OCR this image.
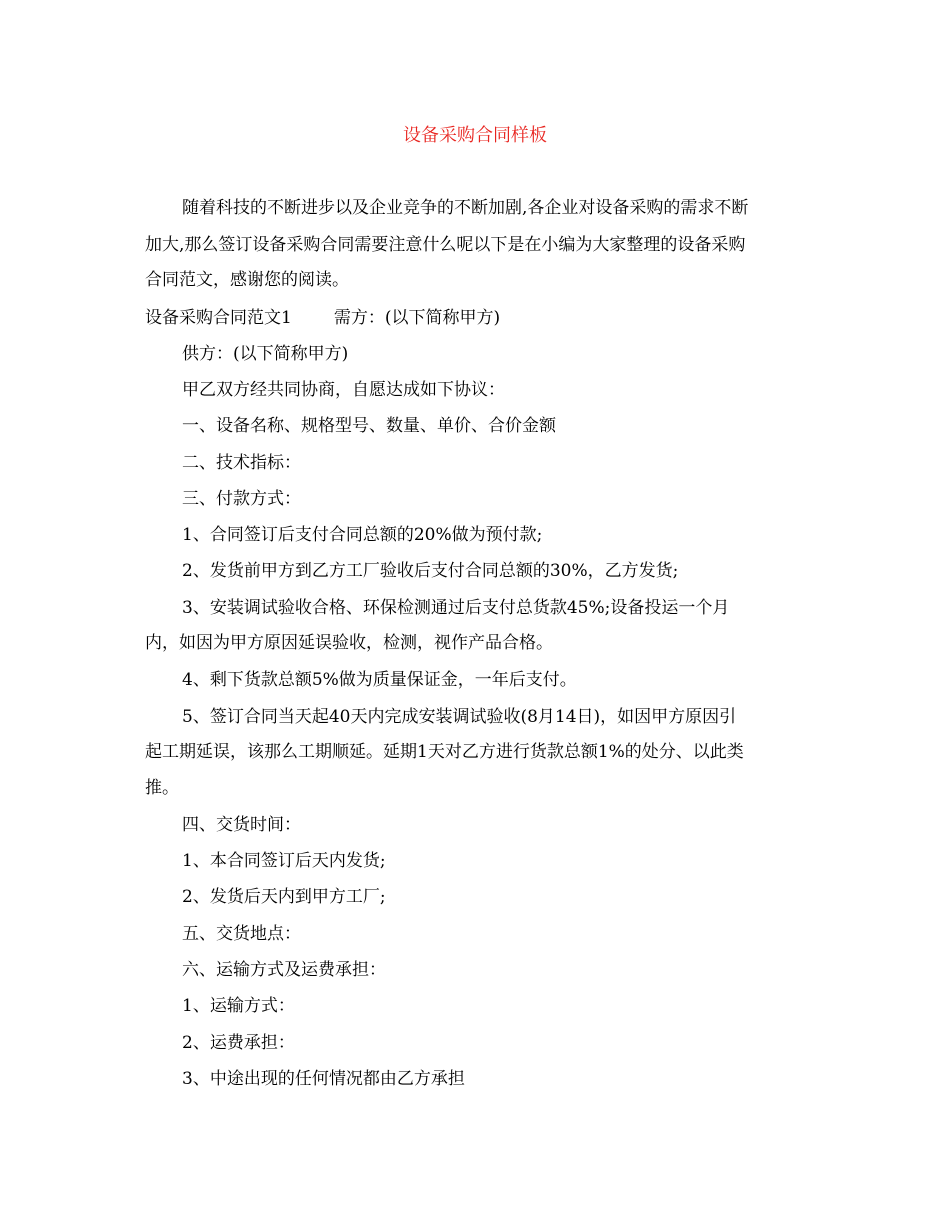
设备采购合同样板
随着科技的不断进步以及企业竞争的不断加剧,各企业对设备采购的需求不断
加大,那么签订设备采购合同需要注意什么呢以下是在小编为大家整理的设备采购
合同范文，感谢您的阅读。
设备采购合同范文1 需方：(以下简称甲方)
供方：(以下简称甲方)
甲乙双方经共同协商，自愿达成如下协议：
一、设备名称、规格型号、数量、单价、合价金额
二、技术指标：
三、付款方式：
1、合同签订后支付合同总额的20%做为预付款;
2、发货前甲方到乙方工厂验收后支付合同总额的30%，乙方发货;
3、安装调试验收合格、环保检测通过后支付总货款45%;设备投运一个月
内，如因为甲方原因延误验收，检测，视作产品合格。
4、剩下货款总额5%做为质量保证金，一年后支付。
5、签订合同当天起40天内完成安装调试验收(8月14日)，如因甲方原因引
起工期延误，该那么工期顺延。延期1天对乙方进行货款总额1%的处分、以此类
推。
四、交货时间：
1、本合同签订后天内发货;
2、发货后天内到甲方工厂;
五、交货地点：
六、运输方式及运费承担：
1、运输方式：
2、运费承担：
3、中途出现的任何情况都由乙方承担
